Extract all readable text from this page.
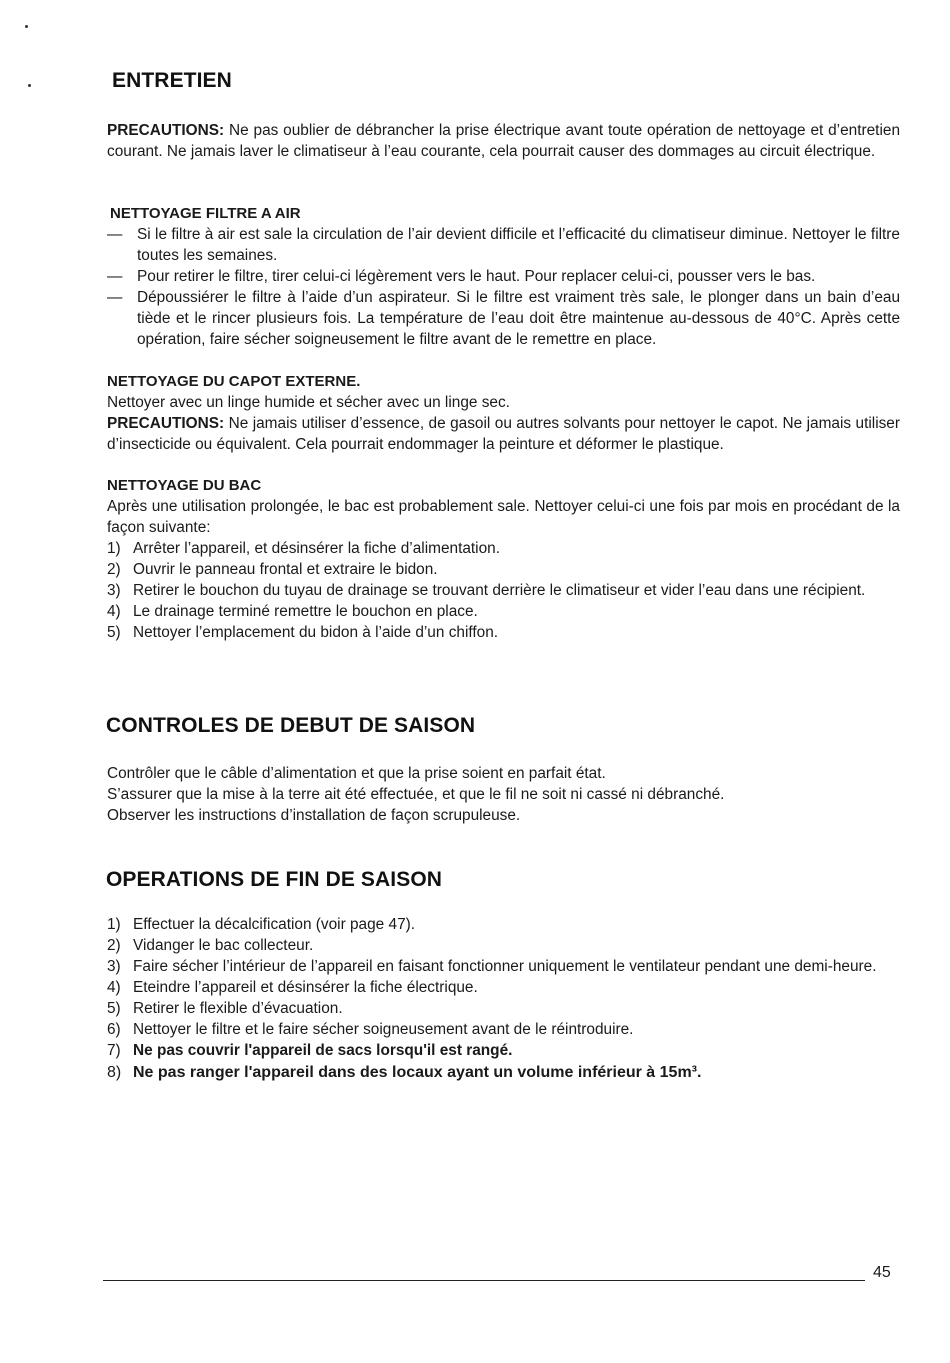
ENTRETIEN

PRECAUTIONS: Ne pas oublier de débrancher la prise électrique avant toute opération de nettoyage et d’entretien courant. Ne jamais laver le climatiseur à l’eau courante, cela pourrait causer des dommages au circuit électrique.

NETTOYAGE FILTRE A AIR

— Si le filtre à air est sale la circulation de l’air devient difficile et l’efficacité du climatiseur diminue. Nettoyer le filtre toutes les semaines.
— Pour retirer le filtre, tirer celui-ci légèrement vers le haut. Pour replacer celui-ci, pousser vers le bas.
— Dépoussiérer le filtre à l’aide d’un aspirateur. Si le filtre est vraiment très sale, le plonger dans un bain d’eau tiède et le rincer plusieurs fois. La température de l’eau doit être maintenue au-dessous de 40°C. Après cette opération, faire sécher soigneusement le filtre avant de le remettre en place.

NETTOYAGE DU CAPOT EXTERNE.

Nettoyer avec un linge humide et sécher avec un linge sec.

PRECAUTIONS: Ne jamais utiliser d’essence, de gasoil ou autres solvants pour nettoyer le capot. Ne jamais utiliser d’insecticide ou équivalent. Cela pourrait endommager la peinture et déformer le plastique.

NETTOYAGE DU BAC

Après une utilisation prolongée, le bac est probablement sale. Nettoyer celui-ci une fois par mois en procédant de la façon suivante:

1) Arrêter l’appareil, et désinsérer la fiche d’alimentation.
2) Ouvrir le panneau frontal et extraire le bidon.
3) Retirer le bouchon du tuyau de drainage se trouvant derrière le climatiseur et vider l’eau dans une récipient.
4) Le drainage terminé remettre le bouchon en place.
5) Nettoyer l’emplacement du bidon à l’aide d’un chiffon.
CONTROLES DE DEBUT DE SAISON

Contrôler que le câble d’alimentation et que la prise soient en parfait état.

S’assurer que la mise à la terre ait été effectuée, et que le fil ne soit ni cassé ni débranché.

Observer les instructions d’installation de façon scrupuleuse.

OPERATIONS DE FIN DE SAISON
1) Effectuer la décalcification (voir page 47).
2) Vidanger le bac collecteur.
3) Faire sécher l’intérieur de l’appareil en faisant fonctionner uniquement le ventilateur pendant une demi-heure.
4) Eteindre l’appareil et désinsérer la fiche électrique.
5) Retirer le flexible d’évacuation.
6) Nettoyer le filtre et le faire sécher soigneusement avant de le réintroduire.
7) Ne pas couvrir l'appareil de sacs lorsqu'il est rangé.
8) Ne pas ranger l'appareil dans des locaux ayant un volume inférieur à 15m³.
45
